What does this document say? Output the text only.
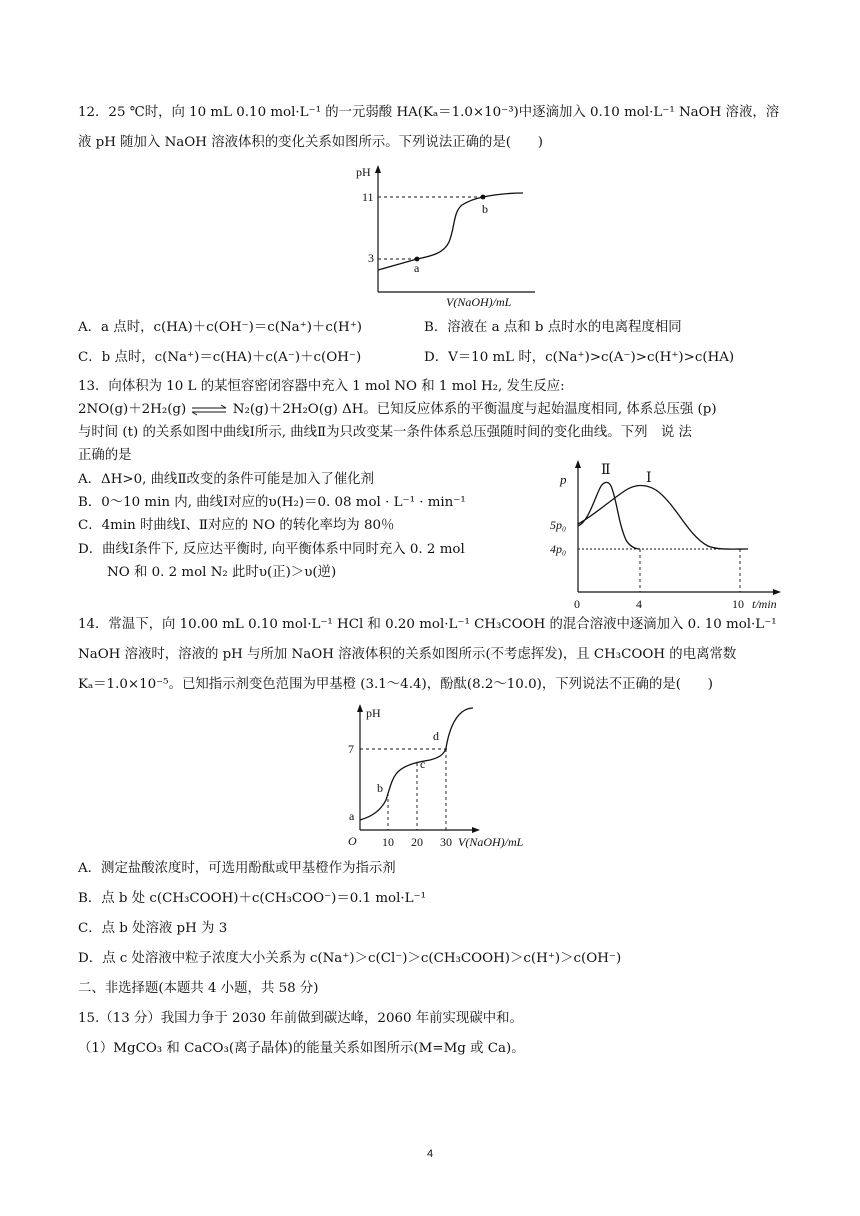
12．25 ℃时，向 10 mL 0.10 mol·L⁻¹ 的一元弱酸 HA(Kₐ＝1.0×10⁻³)中逐滴加入 0.10 mol·L⁻¹ NaOH 溶液，溶
液 pH 随加入 NaOH 溶液体积的变化关系如图所示。下列说法正确的是(　　)
pH
11
3
a
b
V(NaOH)/mL
A．a 点时，c(HA)＋c(OH⁻)＝c(Na⁺)＋c(H⁺)	B．溶液在 a 点和 b 点时水的电离程度相同
C．b 点时，c(Na⁺)＝c(HA)＋c(A⁻)＋c(OH⁻)	D．V＝10 mL 时，c(Na⁺)>c(A⁻)>c(H⁺)>c(HA)
13．向体积为 10 L 的某恒容密闭容器中充入 1 mol NO 和 1 mol H₂, 发生反应:
2NO(g)＋2H₂(g)	N₂(g)＋2H₂O(g) ΔH。已知反应体系的平衡温度与起始温度相同, 体系总压强 (p)
与时间 (t) 的关系如图中曲线Ⅰ所示, 曲线Ⅱ为只改变某一条件体系总压强随时间的变化曲线。下列　说 法
正确的是
A．ΔH>0, 曲线Ⅱ改变的条件可能是加入了催化剂
B．0～10 min 内, 曲线Ⅰ对应的υ(H₂)＝0. 08 mol · L⁻¹ · min⁻¹
C．4min 时曲线Ⅰ、Ⅱ对应的 NO 的转化率均为 80％
D．曲线Ⅰ条件下, 反应达平衡时, 向平衡体系中同时充入 0. 2 mol
NO 和 0. 2 mol N₂ 此时υ(正)＞υ(逆)
p
5p₀
4p₀
Ⅱ
Ⅰ
0	4	10 t/min
14．常温下，向 10.00 mL 0.10 mol·L⁻¹ HCl 和 0.20 mol·L⁻¹ CH₃COOH 的混合溶液中逐滴加入 0. 10 mol·L⁻¹
NaOH 溶液时，溶液的 pH 与所加 NaOH 溶液体积的关系如图所示(不考虑挥发)，且 CH₃COOH 的电离常数
Kₐ＝1.0×10⁻⁵。已知指示剂变色范围为甲基橙 (3.1～4.4)，酚酞(8.2～10.0)，下列说法不正确的是(　　)
pH
7
O
a
b
c
d
10 20 30 V(NaOH)/mL
A．测定盐酸浓度时，可选用酚酞或甲基橙作为指示剂
B．点 b 处 c(CH₃COOH)＋c(CH₃COO⁻)＝0.1 mol·L⁻¹
C．点 b 处溶液 pH 为 3
D．点 c 处溶液中粒子浓度大小关系为 c(Na⁺)＞c(Cl⁻)＞c(CH₃COOH)＞c(H⁺)＞c(OH⁻)
二、非选择题(本题共 4 小题，共 58 分)
15.（13 分）我国力争于 2030 年前做到碳达峰，2060 年前实现碳中和。
（1）MgCO₃ 和 CaCO₃(离子晶体)的能量关系如图所示(M=Mg 或 Ca)。
4
